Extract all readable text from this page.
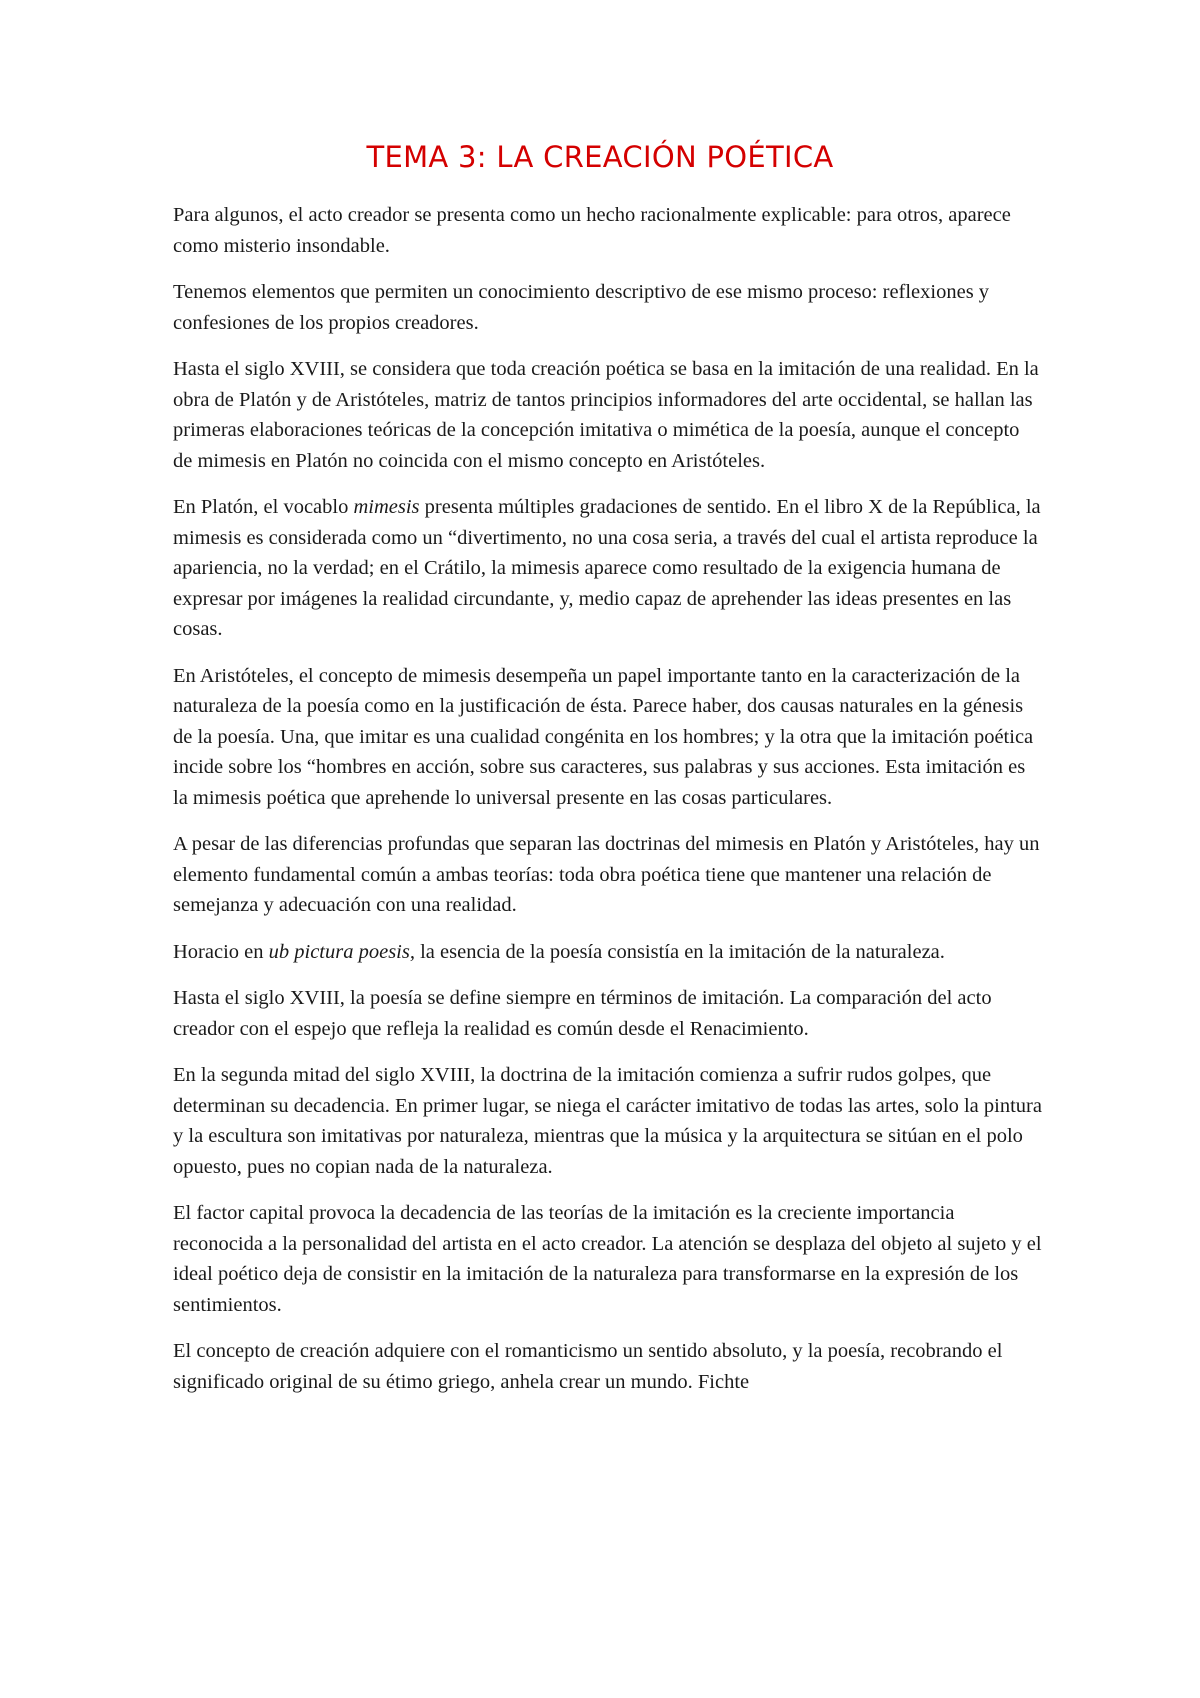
TEMA 3: LA CREACIÓN POÉTICA

Para algunos, el acto creador se presenta como un hecho racionalmente explicable: para otros, aparece como misterio insondable.

Tenemos elementos que permiten un conocimiento descriptivo de ese mismo proceso: reflexiones y confesiones de los propios creadores.

Hasta el siglo XVIII, se considera que toda creación poética se basa en la imitación de una realidad. En la obra de Platón y de Aristóteles, matriz de tantos principios informadores del arte occidental, se hallan las primeras elaboraciones teóricas de la concepción imitativa o mimética de la poesía, aunque el concepto de mimesis en Platón no coincida con el mismo concepto en Aristóteles.

En Platón, el vocablo mimesis presenta múltiples gradaciones de sentido. En el libro X de la República, la mimesis es considerada como un “divertimento, no una cosa seria, a través del cual el artista reproduce la apariencia, no la verdad; en el Crátilo, la mimesis aparece como resultado de la exigencia humana de expresar por imágenes la realidad circundante, y, medio capaz de aprehender las ideas presentes en las cosas.

En Aristóteles, el concepto de mimesis desempeña un papel importante tanto en la caracterización de la naturaleza de la poesía como en la justificación de ésta. Parece haber, dos causas naturales en la génesis de la poesía. Una, que imitar es una cualidad congénita en los hombres; y la otra que la imitación poética incide sobre los “hombres en acción, sobre sus caracteres, sus palabras y sus acciones. Esta imitación es la mimesis poética que aprehende lo universal presente en las cosas particulares.

A pesar de las diferencias profundas que separan las doctrinas del mimesis en Platón y Aristóteles, hay un elemento fundamental común a ambas teorías: toda obra poética tiene que mantener una relación de semejanza y adecuación con una realidad.

Horacio en ub pictura poesis, la esencia de la poesía consistía en la imitación de la naturaleza.

Hasta el siglo XVIII, la poesía se define siempre en términos de imitación. La comparación del acto creador con el espejo que refleja la realidad es común desde el Renacimiento.

En la segunda mitad del siglo XVIII, la doctrina de la imitación comienza a sufrir rudos golpes, que determinan su decadencia. En primer lugar, se niega el carácter imitativo de todas las artes, solo la pintura y la escultura son imitativas por naturaleza, mientras que la música y la arquitectura se sitúan en el polo opuesto, pues no copian nada de la naturaleza.

El factor capital provoca la decadencia de las teorías de la imitación es la creciente importancia reconocida a la personalidad del artista en el acto creador. La atención se desplaza del objeto al sujeto y el ideal poético deja de consistir en la imitación de la naturaleza para transformarse en la expresión de los sentimientos.

El concepto de creación adquiere con el romanticismo un sentido absoluto, y la poesía, recobrando el significado original de su étimo griego, anhela crear un mundo. Fichte
